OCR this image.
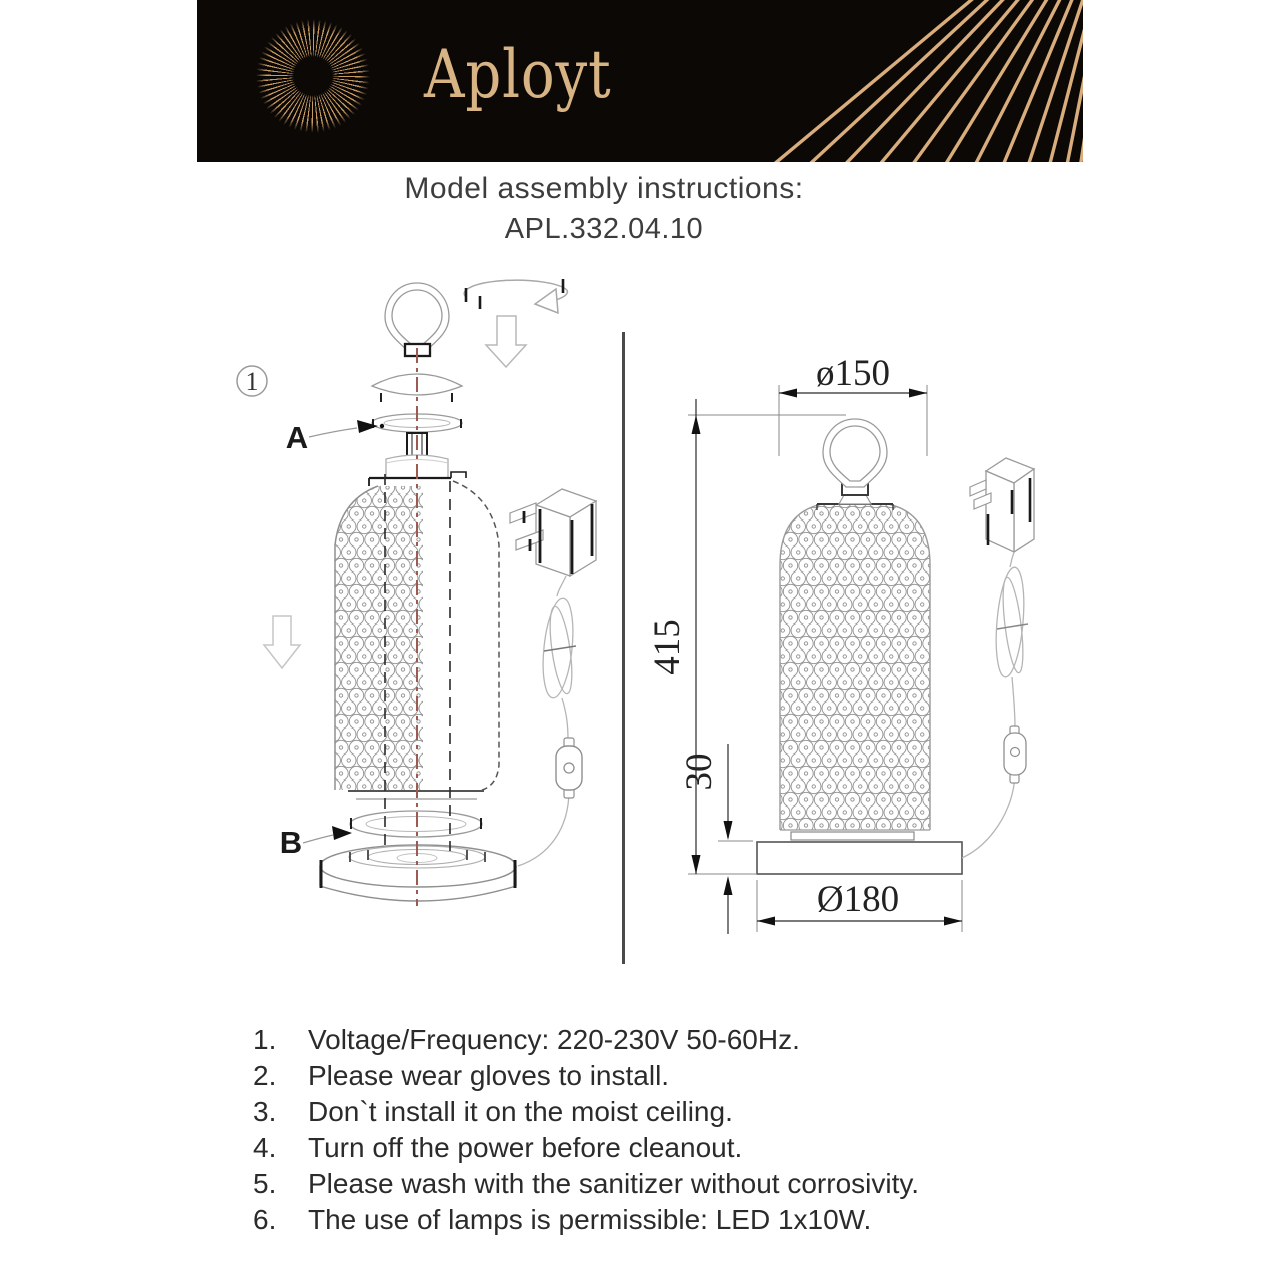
Aployt
Model assembly instructions:
APL.332.04.10
1
A
B
ø150
415
30
Ø180
1.	Voltage/Frequency: 220-230V 50-60Hz.
2.	Please wear gloves to install.
3.	Don`t install it on the moist ceiling.
4.	Turn off the power before cleanout.
5.	Please wash with the sanitizer without corrosivity.
6.	The use of lamps is permissible: LED 1x10W.
